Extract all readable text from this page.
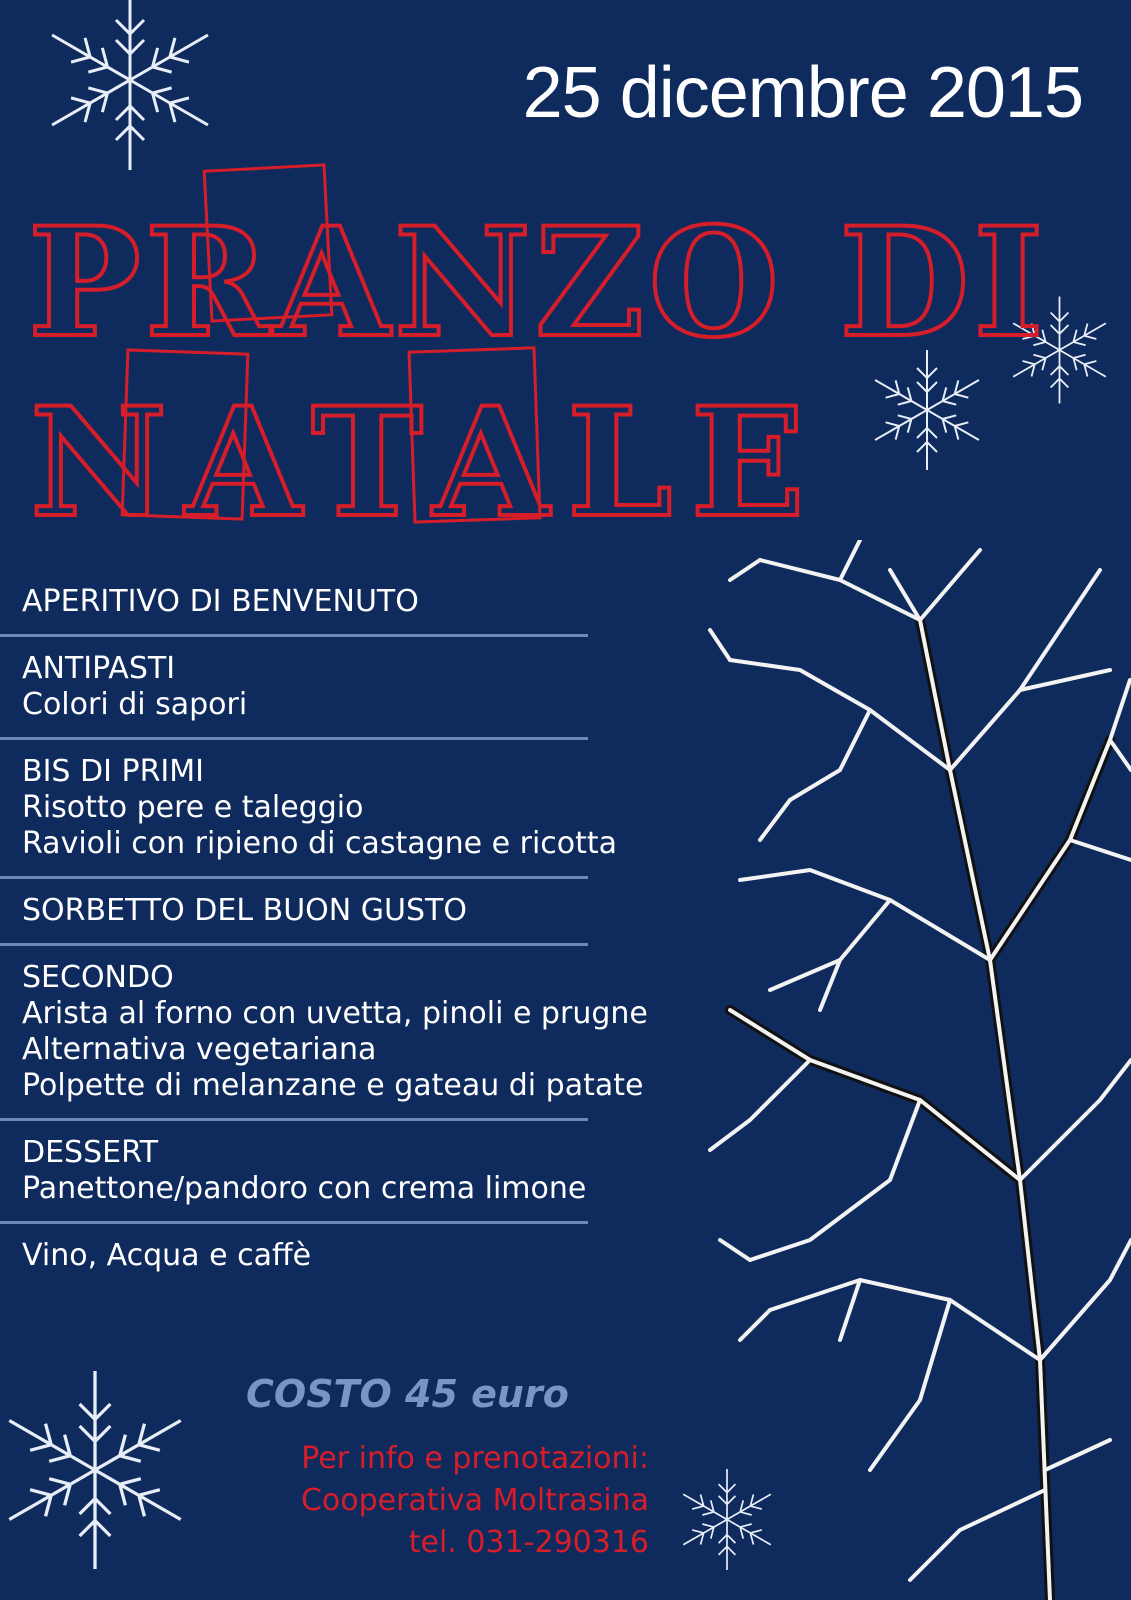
PRANZO DI
NATALE
25 dicembre 2015
APERITIVO DI BENVENUTO
ANTIPASTI
Colori di sapori
BIS DI PRIMI
Risotto pere e taleggio
Ravioli con ripieno di castagne e ricotta
SORBETTO DEL BUON GUSTO
SECONDO
Arista al forno con uvetta, pinoli e prugne
Alternativa vegetariana
Polpette di melanzane e gateau di patate
DESSERT
Panettone/pandoro con crema limone
Vino, Acqua e caffè
COSTO 45 euro
Per info e prenotazioni:
Cooperativa Moltrasina
tel. 031-290316
